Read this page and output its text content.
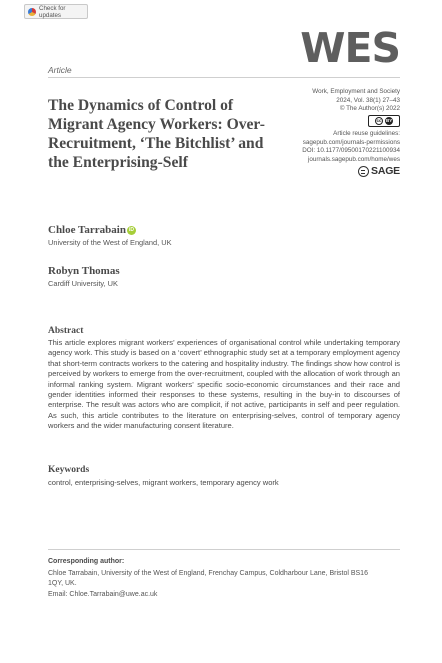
Check for updates
WES
Article
The Dynamics of Control of Migrant Agency Workers: Over-Recruitment, ‘The Bitchlist’ and the Enterprising-Self
Work, Employment and Society
2024, Vol. 38(1) 27–43
© The Author(s) 2022
cc	BY
Article reuse guidelines:
sagepub.com/journals-permissions
DOI: 10.1177/09500170221100934
journals.sagepub.com/home/wes
SAGE
Chloe Tarrabain iD
University of the West of England, UK
Robyn Thomas
Cardiff University, UK
Abstract
This article explores migrant workers’ experiences of organisational control while undertaking temporary agency work. This study is based on a ‘covert’ ethnographic study set at a temporary employment agency that short-term contracts workers to the catering and hospitality industry. The findings show how control is perceived by workers to emerge from the over-recruitment, coupled with the allocation of work through an informal ranking system. Migrant workers’ specific socio-economic circumstances and their race and gender identities informed their responses to these systems, resulting in the buy-in to discourses of enterprise. The result was actors who are complicit, if not active, participants in self and peer regulation. As such, this article contributes to the literature on enterprising-selves, control of temporary agency workers and the wider manufacturing consent literature.
Keywords
control, enterprising-selves, migrant workers, temporary agency work
Corresponding author:
Chloe Tarrabain, University of the West of England, Frenchay Campus, Coldharbour Lane, Bristol BS16
1QY, UK.
Email: Chloe.Tarrabain@uwe.ac.uk
